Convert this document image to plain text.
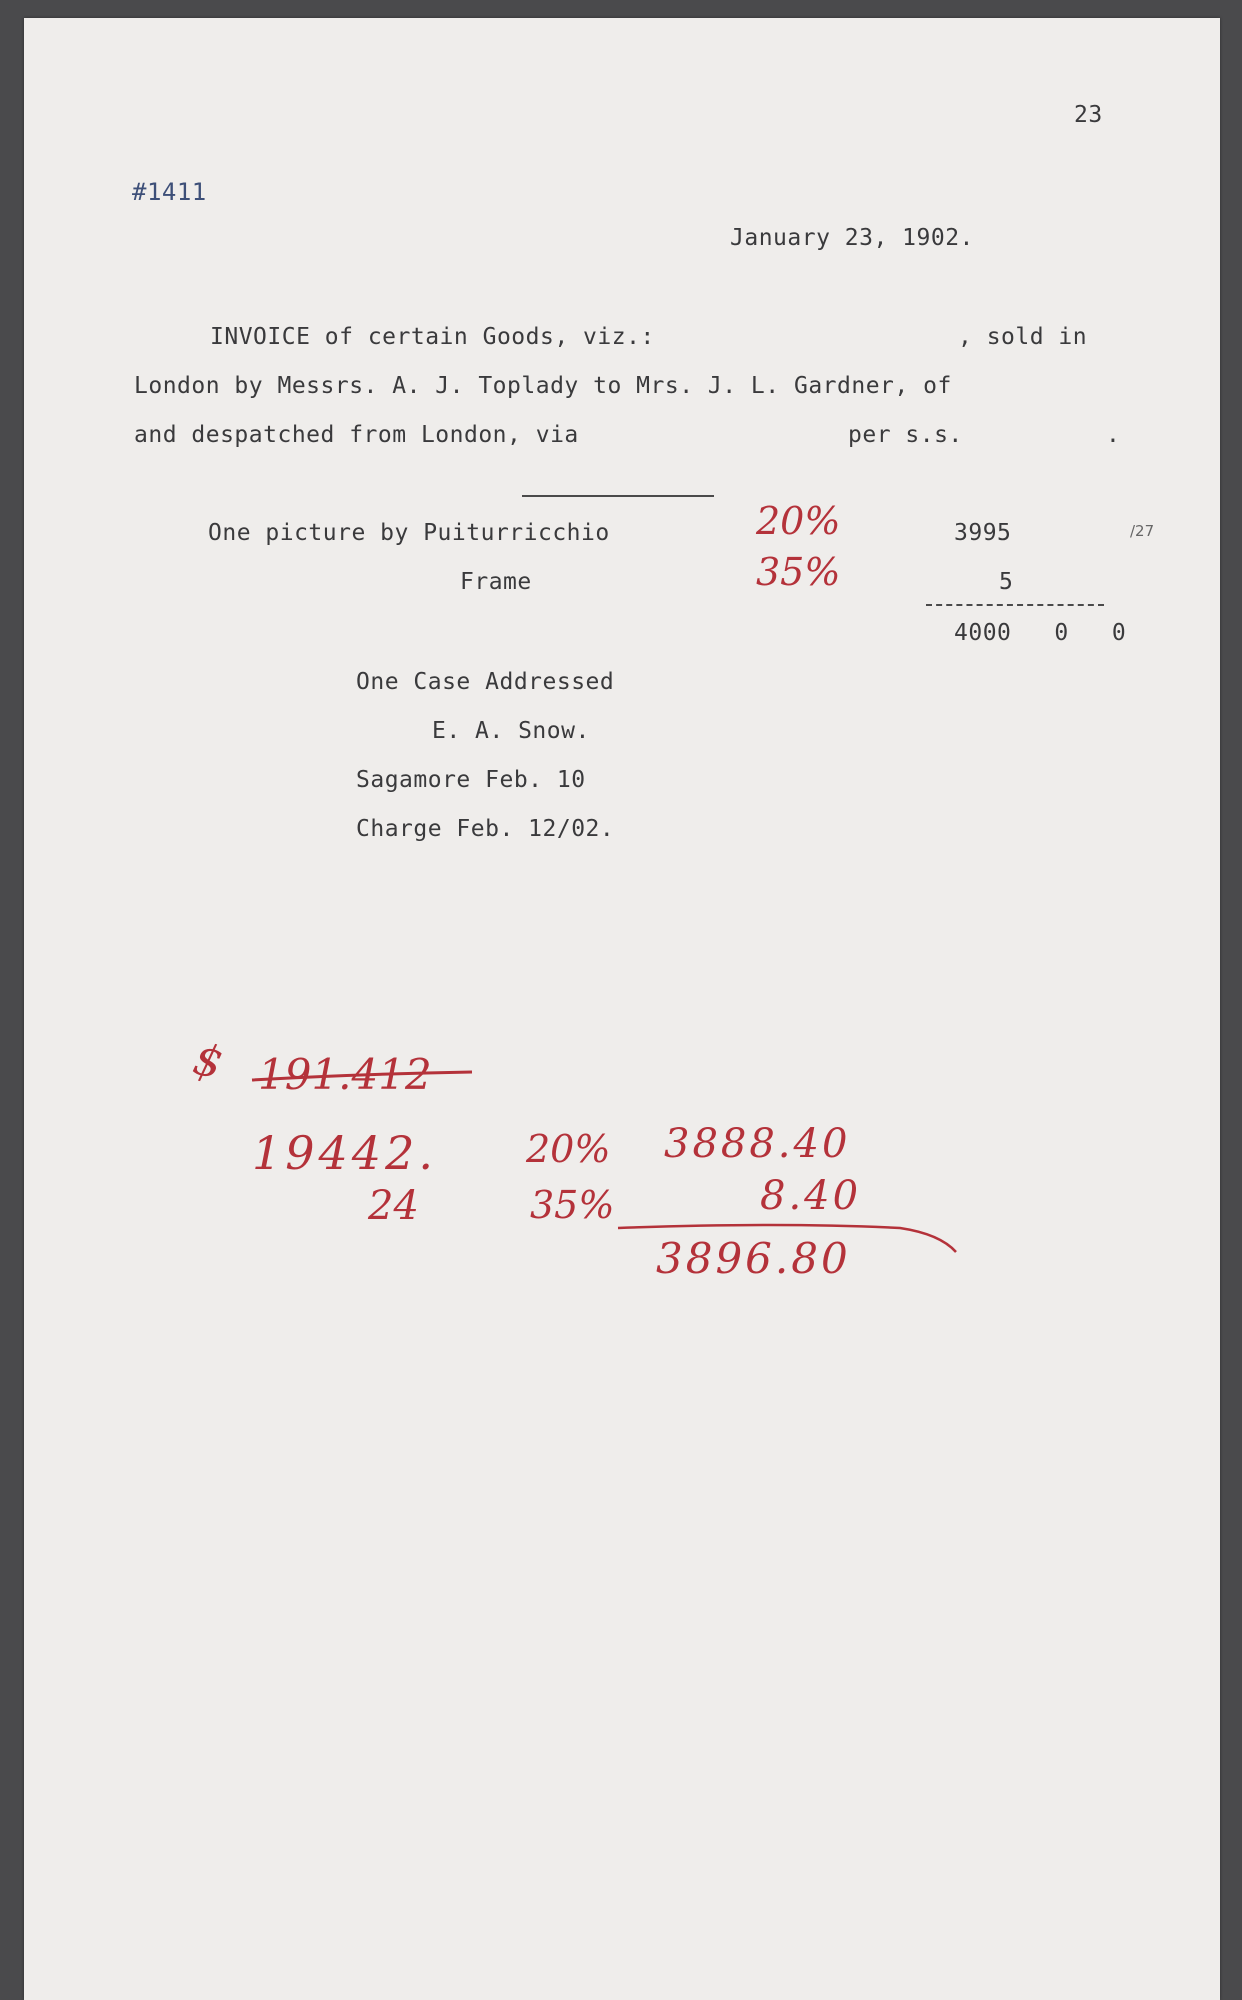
23
#1411
January 23, 1902.
INVOICE of certain Goods, viz.:	, sold in
London by Messrs. A. J. Toplady to Mrs. J. L. Gardner, of
and despatched from London, via	per s.s.	.
One picture by Puiturricchio	20%	3995	/27
Frame	35%	5
4000   0   0
One Case Addressed
E. A. Snow.
Sagamore Feb. 10
Charge Feb. 12/02.
$ 191.412
19442. 20% 3888.40
24	35%	8.40
3896.80
